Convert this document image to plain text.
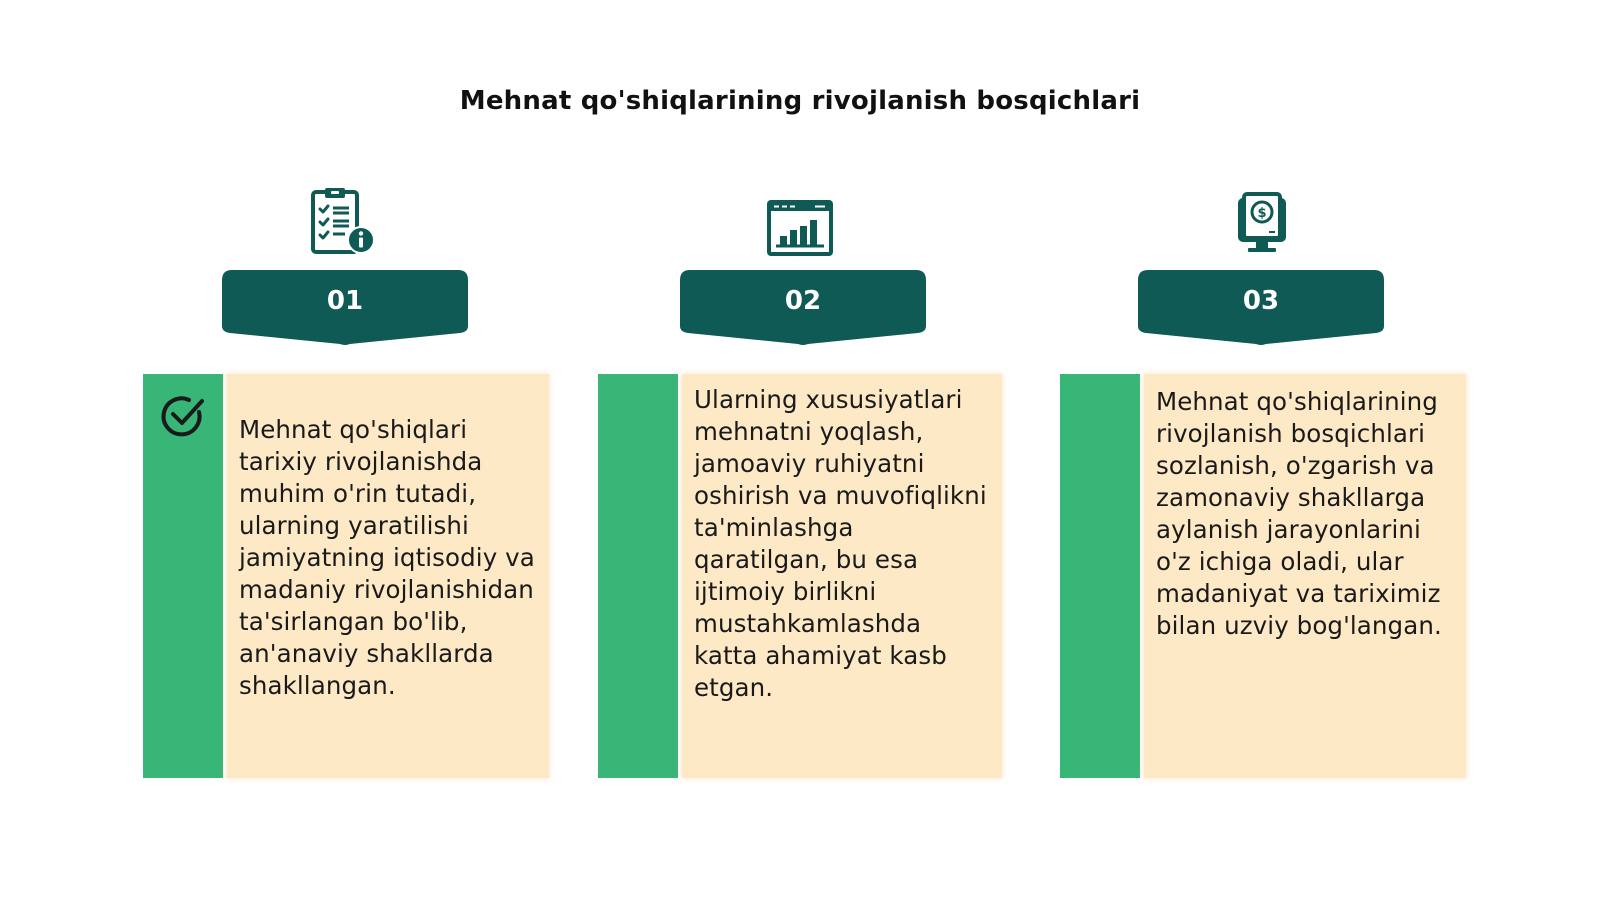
Mehnat qo'shiqlarining rivojlanish bosqichlari
01
Mehnat qo'shiqlari tarixiy rivojlanishda muhim o'rin tutadi, ularning yaratilishi jamiyatning iqtisodiy va madaniy rivojlanishidan ta'sirlangan bo'lib, an'anaviy shakllarda shakllangan.
02
Ularning xususiyatlari mehnatni yoqlash, jamoaviy ruhiyatni oshirish va muvofiqlikni ta'minlashga qaratilgan, bu esa ijtimoiy birlikni mustahkamlashda katta ahamiyat kasb etgan.
$
03
Mehnat qo'shiqlarining rivojlanish bosqichlari sozlanish, o'zgarish va zamonaviy shakllarga aylanish jarayonlarini o'z ichiga oladi, ular madaniyat va tariximiz bilan uzviy bog'langan.
